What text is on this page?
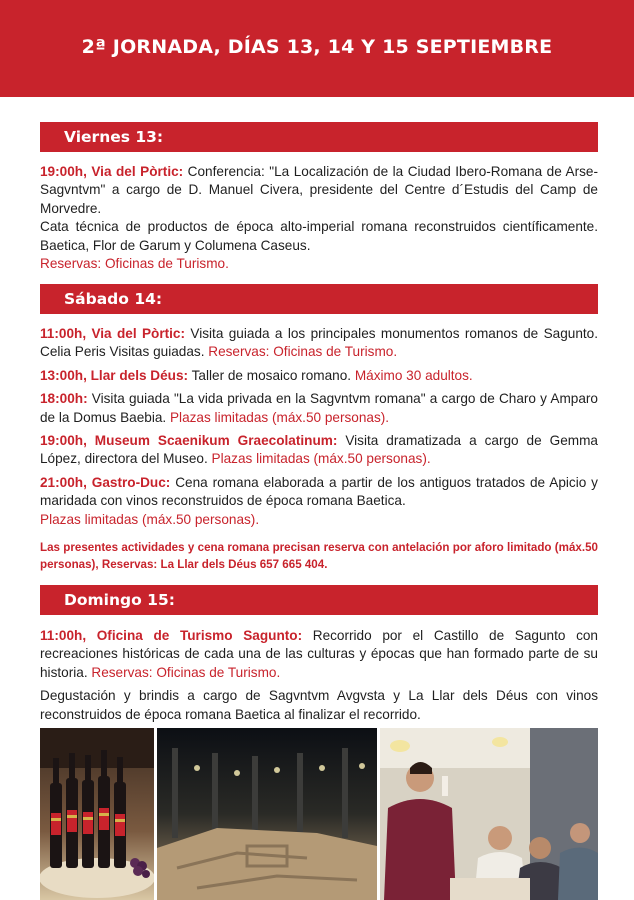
2ª JORNADA, DÍAS 13, 14 Y 15 SEPTIEMBRE
Viernes 13:

19:00h, Via del Pòrtic: Conferencia: "La Localización de la Ciudad Ibero-Romana de Arse-Sagvntvm" a cargo de D. Manuel Civera, presidente del Centre d´Estudis del Camp de Morvedre.
Cata técnica de productos de época alto-imperial romana reconstruidos científicamente. Baetica, Flor de Garum y Columena Caseus.
Reservas: Oficinas de Turismo.

Sábado 14:

11:00h, Via del Pòrtic: Visita guiada a los principales monumentos romanos de Sagunto. Celia Peris Visitas guiadas. Reservas: Oficinas de Turismo.

13:00h, Llar dels Déus: Taller de mosaico romano. Máximo 30 adultos.

18:00h: Visita guiada "La vida privada en la Sagvntvm romana" a cargo de Charo y Amparo de la Domus Baebia. Plazas limitadas (máx.50 personas).

19:00h, Museum Scaenikum Graecolatinum: Visita dramatizada a cargo de Gemma López, directora del Museo. Plazas limitadas (máx.50 personas).

21:00h, Gastro-Duc: Cena romana elaborada a partir de los antiguos tratados de Apicio y maridada con vinos reconstruidos de época romana Baetica.
Plazas limitadas (máx.50 personas).

Las presentes actividades y cena romana precisan reserva con antelación por aforo limitado (máx.50 personas), Reservas: La Llar dels Déus 657 665 404.

Domingo 15:

11:00h, Oficina de Turismo Sagunto: Recorrido por el Castillo de Sagunto con recreaciones históricas de cada una de las culturas y épocas que han formado parte de su historia. Reservas: Oficinas de Turismo.

Degustación y brindis a cargo de Sagvntvm Avgvsta y La Llar dels Déus con vinos reconstruidos de época romana Baetica al finalizar el recorrido.
